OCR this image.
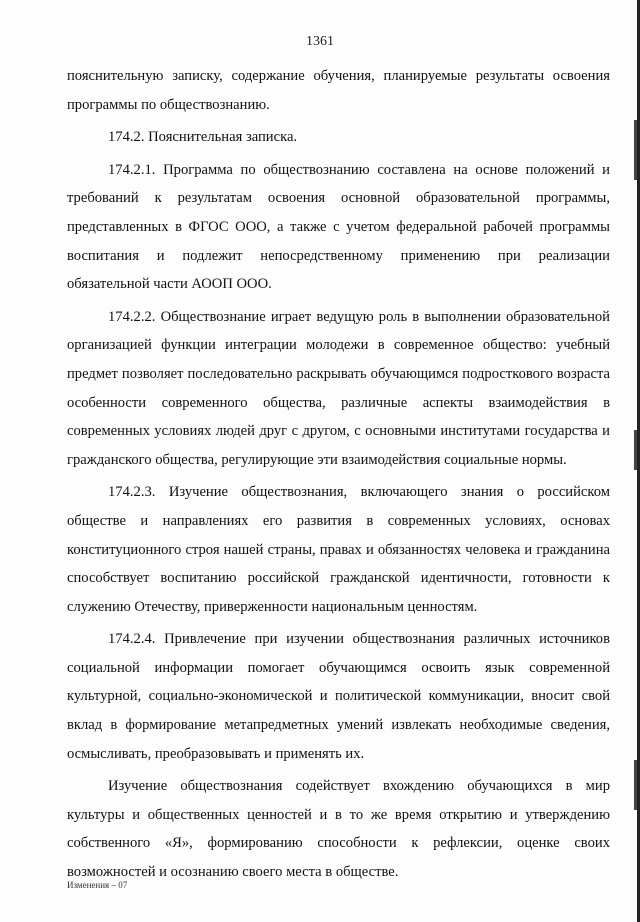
1361

пояснительную записку, содержание обучения, планируемые результаты освоения программы по обществознанию.

174.2. Пояснительная записка.

174.2.1. Программа по обществознанию составлена на основе положений и требований к результатам освоения основной образовательной программы, представленных в ФГОС ООО, а также с учетом федеральной рабочей программы воспитания и подлежит непосредственному применению при реализации обязательной части АООП ООО.

174.2.2. Обществознание играет ведущую роль в выполнении образовательной организацией функции интеграции молодежи в современное общество: учебный предмет позволяет последовательно раскрывать обучающимся подросткового возраста особенности современного общества, различные аспекты взаимодействия в современных условиях людей друг с другом, с основными институтами государства и гражданского общества, регулирующие эти взаимодействия социальные нормы.

174.2.3. Изучение обществознания, включающего знания о российском обществе и направлениях его развития в современных условиях, основах конституционного строя нашей страны, правах и обязанностях человека и гражданина способствует воспитанию российской гражданской идентичности, готовности к служению Отечеству, приверженности национальным ценностям.

174.2.4. Привлечение при изучении обществознания различных источников социальной информации помогает обучающимся освоить язык современной культурной, социально-экономической и политической коммуникации, вносит свой вклад в формирование метапредметных умений извлекать необходимые сведения, осмысливать, преобразовывать и применять их.

Изучение обществознания содействует вхождению обучающихся в мир культуры и общественных ценностей и в то же время открытию и утверждению собственного «Я», формированию способности к рефлексии, оценке своих возможностей и осознанию своего места в обществе.

Изменения – 07
